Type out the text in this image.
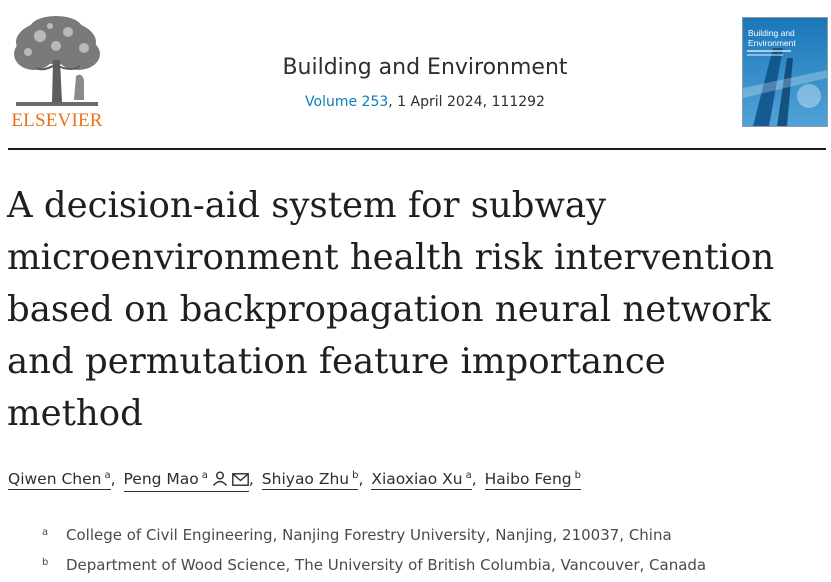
ELSEVIER
Building and Environment
Volume 253, 1 April 2024, 111292
Building and
Environment
A decision-aid system for subway
microenvironment health risk intervention
based on backpropagation neural network
and permutation feature importance
method
Qiwen Chen $^a$, Peng Mao $^a$	, Shiyao Zhu $^b$, Xiaoxiao Xu $^a$, Haibo Feng $^b$
a College of Civil Engineering, Nanjing Forestry University, Nanjing, 210037, China
b Department of Wood Science, The University of British Columbia, Vancouver, Canada
